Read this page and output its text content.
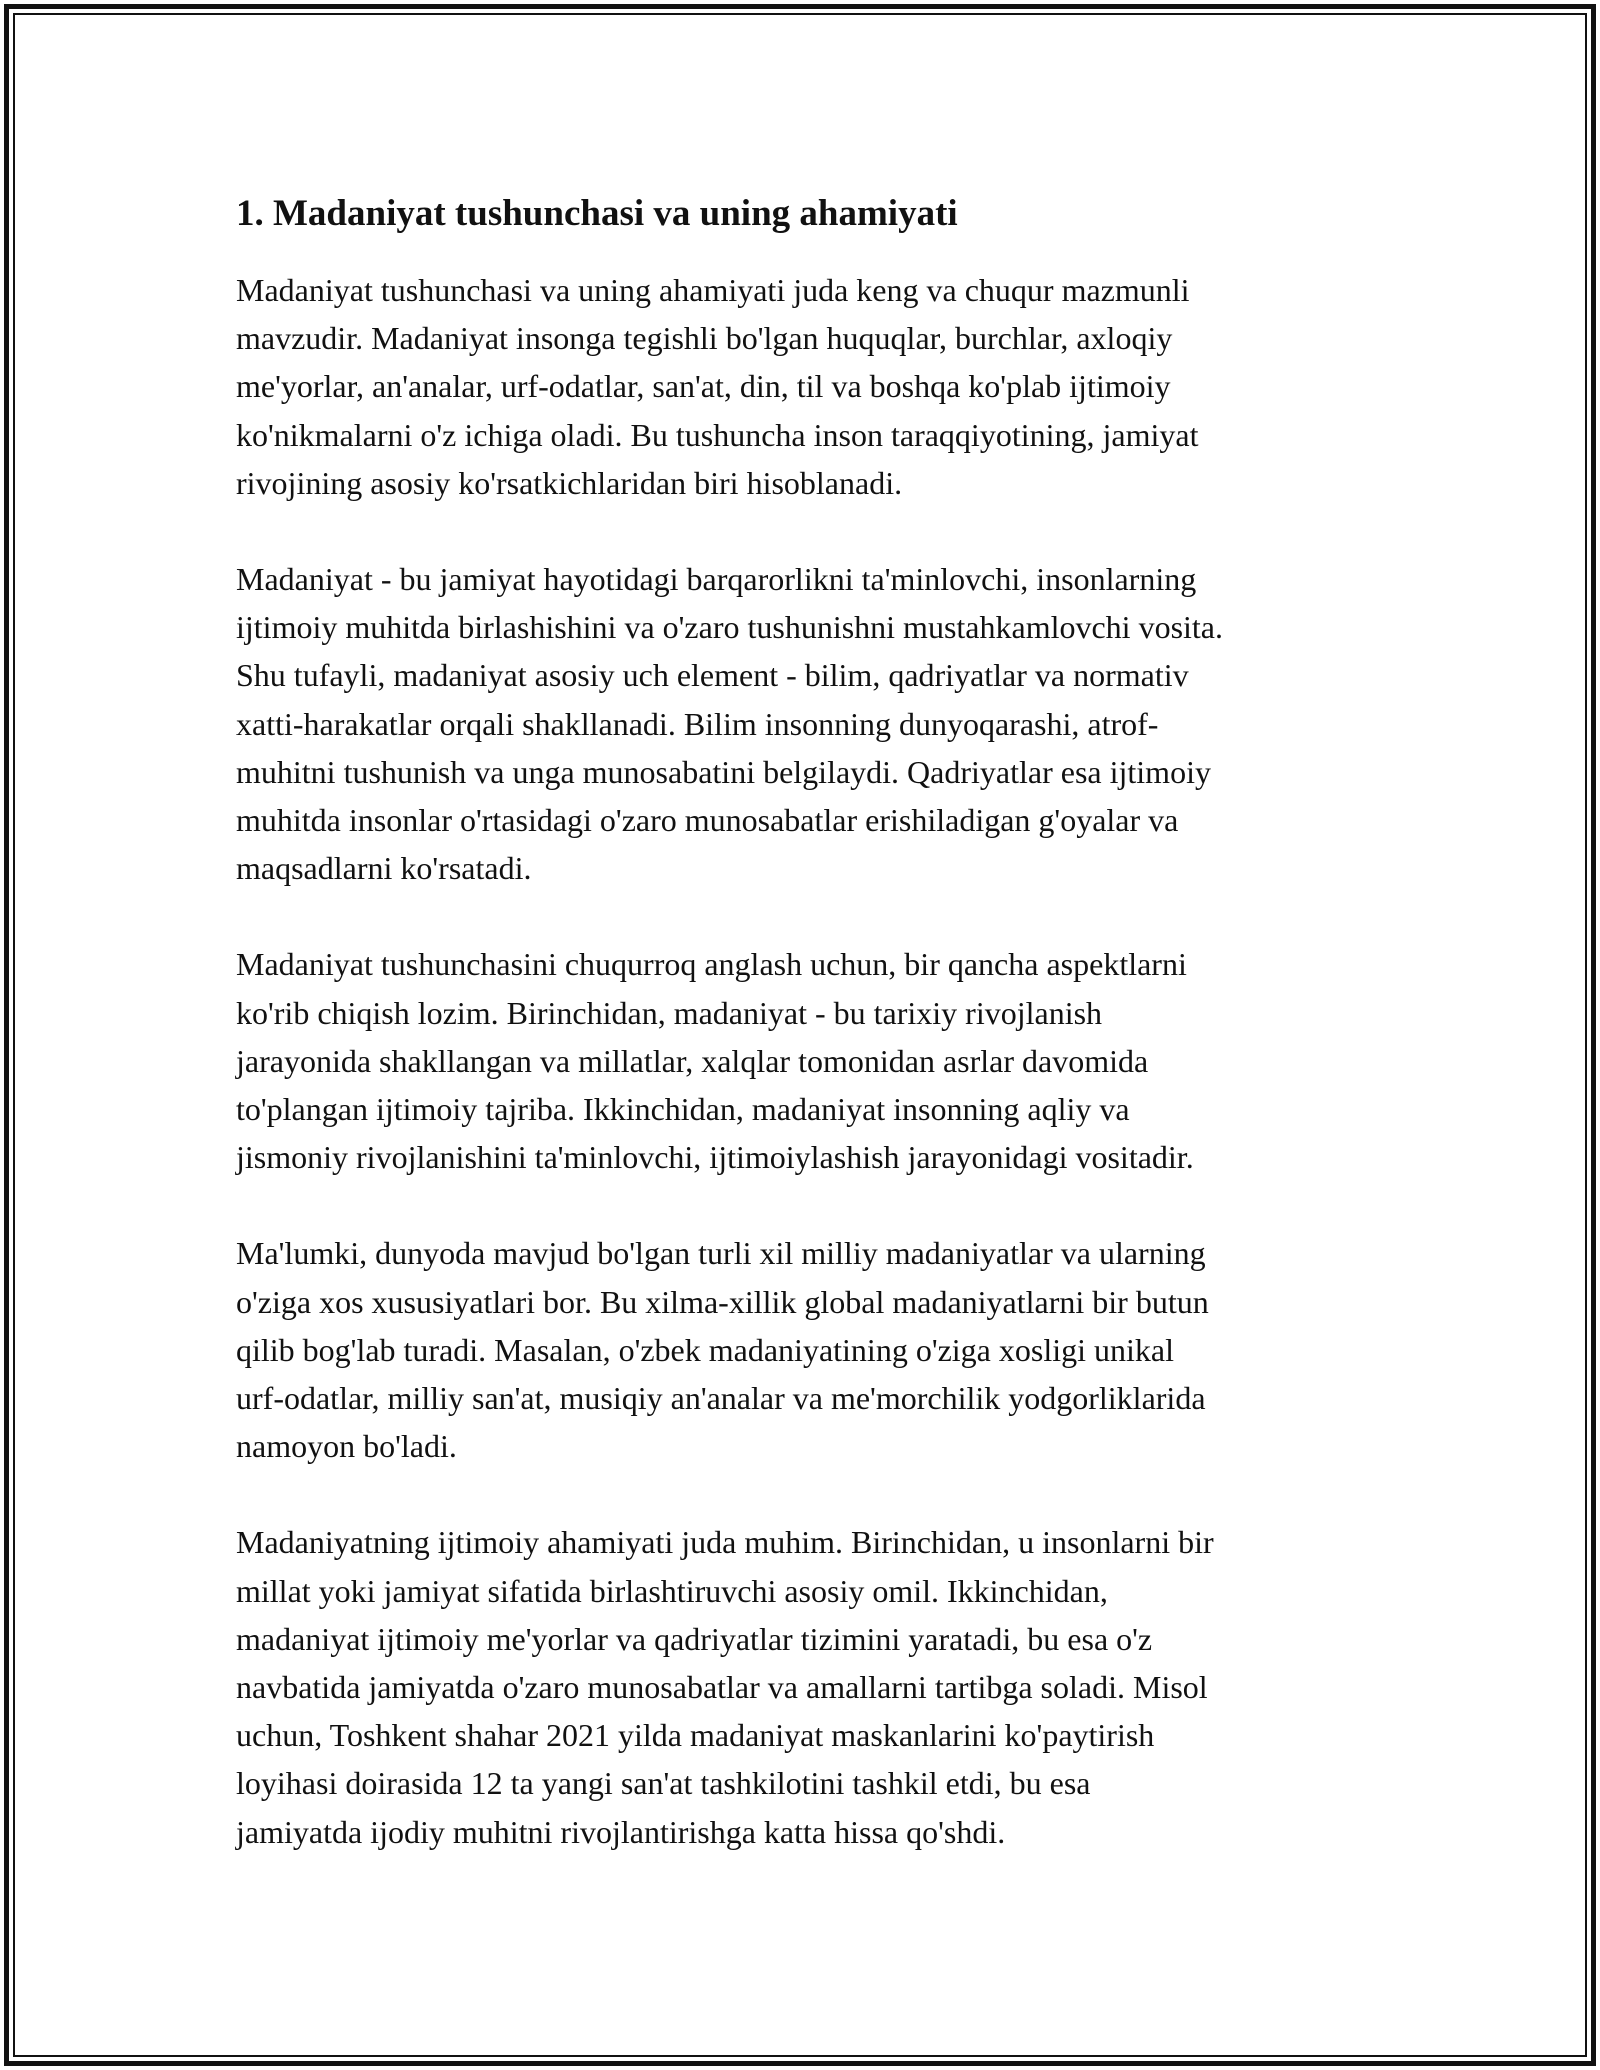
1. Madaniyat tushunchasi va uning ahamiyati

Madaniyat tushunchasi va uning ahamiyati juda keng va chuqur mazmunli
mavzudir. Madaniyat insonga tegishli bo'lgan huquqlar, burchlar, axloqiy
me'yorlar, an'analar, urf-odatlar, san'at, din, til va boshqa ko'plab ijtimoiy
ko'nikmalarni o'z ichiga oladi. Bu tushuncha inson taraqqiyotining, jamiyat
rivojining asosiy ko'rsatkichlaridan biri hisoblanadi.

Madaniyat - bu jamiyat hayotidagi barqarorlikni ta'minlovchi, insonlarning
ijtimoiy muhitda birlashishini va o'zaro tushunishni mustahkamlovchi vosita.
Shu tufayli, madaniyat asosiy uch element - bilim, qadriyatlar va normativ
xatti-harakatlar orqali shakllanadi. Bilim insonning dunyoqarashi, atrof-
muhitni tushunish va unga munosabatini belgilaydi. Qadriyatlar esa ijtimoiy
muhitda insonlar o'rtasidagi o'zaro munosabatlar erishiladigan g'oyalar va
maqsadlarni ko'rsatadi.

Madaniyat tushunchasini chuqurroq anglash uchun, bir qancha aspektlarni
ko'rib chiqish lozim. Birinchidan, madaniyat - bu tarixiy rivojlanish
jarayonida shakllangan va millatlar, xalqlar tomonidan asrlar davomida
to'plangan ijtimoiy tajriba. Ikkinchidan, madaniyat insonning aqliy va
jismoniy rivojlanishini ta'minlovchi, ijtimoiylashish jarayonidagi vositadir.

Ma'lumki, dunyoda mavjud bo'lgan turli xil milliy madaniyatlar va ularning
o'ziga xos xususiyatlari bor. Bu xilma-xillik global madaniyatlarni bir butun
qilib bog'lab turadi. Masalan, o'zbek madaniyatining o'ziga xosligi unikal
urf-odatlar, milliy san'at, musiqiy an'analar va me'morchilik yodgorliklarida
namoyon bo'ladi.

Madaniyatning ijtimoiy ahamiyati juda muhim. Birinchidan, u insonlarni bir
millat yoki jamiyat sifatida birlashtiruvchi asosiy omil. Ikkinchidan,
madaniyat ijtimoiy me'yorlar va qadriyatlar tizimini yaratadi, bu esa o'z
navbatida jamiyatda o'zaro munosabatlar va amallarni tartibga soladi. Misol
uchun, Toshkent shahar 2021 yilda madaniyat maskanlarini ko'paytirish
loyihasi doirasida 12 ta yangi san'at tashkilotini tashkil etdi, bu esa
jamiyatda ijodiy muhitni rivojlantirishga katta hissa qo'shdi.
